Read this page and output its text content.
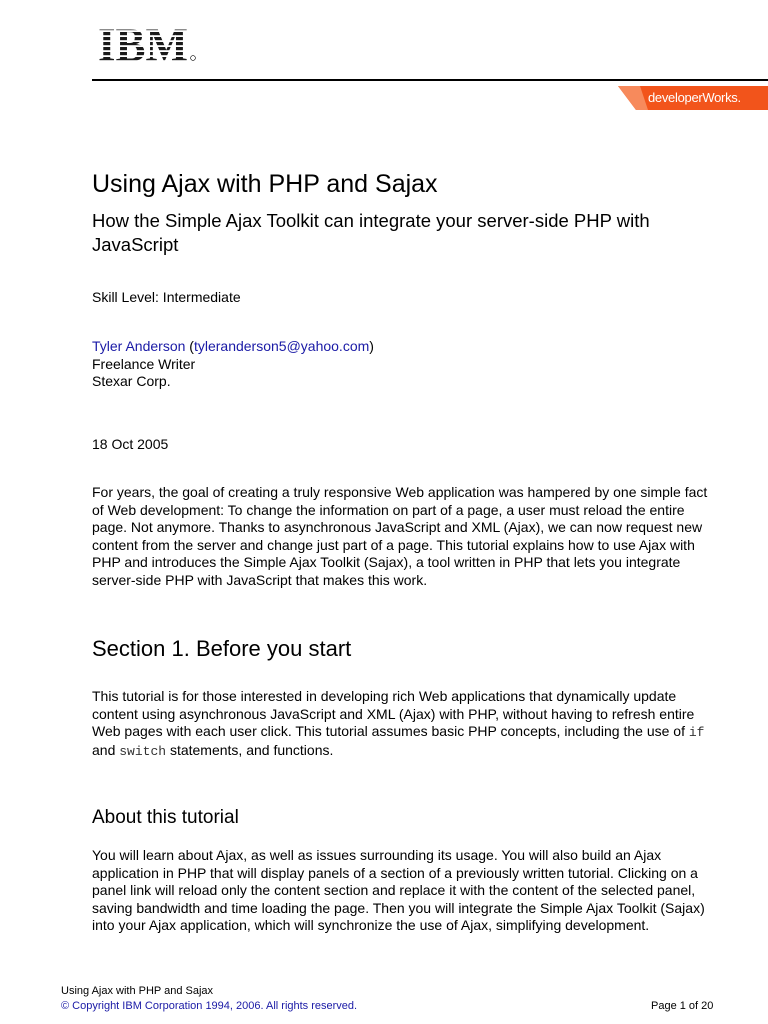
IBM
developerWorks.
Using Ajax with PHP and Sajax
How the Simple Ajax Toolkit can integrate your server-side PHP with JavaScript
Skill Level: Intermediate
Tyler Anderson (tyleranderson5@yahoo.com)
Freelance Writer
Stexar Corp.
18 Oct 2005
For years, the goal of creating a truly responsive Web application was hampered by one simple fact of Web development: To change the information on part of a page, a user must reload the entire page. Not anymore. Thanks to asynchronous JavaScript and XML (Ajax), we can now request new content from the server and change just part of a page. This tutorial explains how to use Ajax with PHP and introduces the Simple Ajax Toolkit (Sajax), a tool written in PHP that lets you integrate server-side PHP with JavaScript that makes this work.
Section 1. Before you start
This tutorial is for those interested in developing rich Web applications that dynamically update content using asynchronous JavaScript and XML (Ajax) with PHP, without having to refresh entire Web pages with each user click. This tutorial assumes basic PHP concepts, including the use of if and switch statements, and functions.
About this tutorial
You will learn about Ajax, as well as issues surrounding its usage. You will also build an Ajax application in PHP that will display panels of a section of a previously written tutorial. Clicking on a panel link will reload only the content section and replace it with the content of the selected panel, saving bandwidth and time loading the page. Then you will integrate the Simple Ajax Toolkit (Sajax) into your Ajax application, which will synchronize the use of Ajax, simplifying development.
Using Ajax with PHP and Sajax
© Copyright IBM Corporation 1994, 2006. All rights reserved.	Page 1 of 20
